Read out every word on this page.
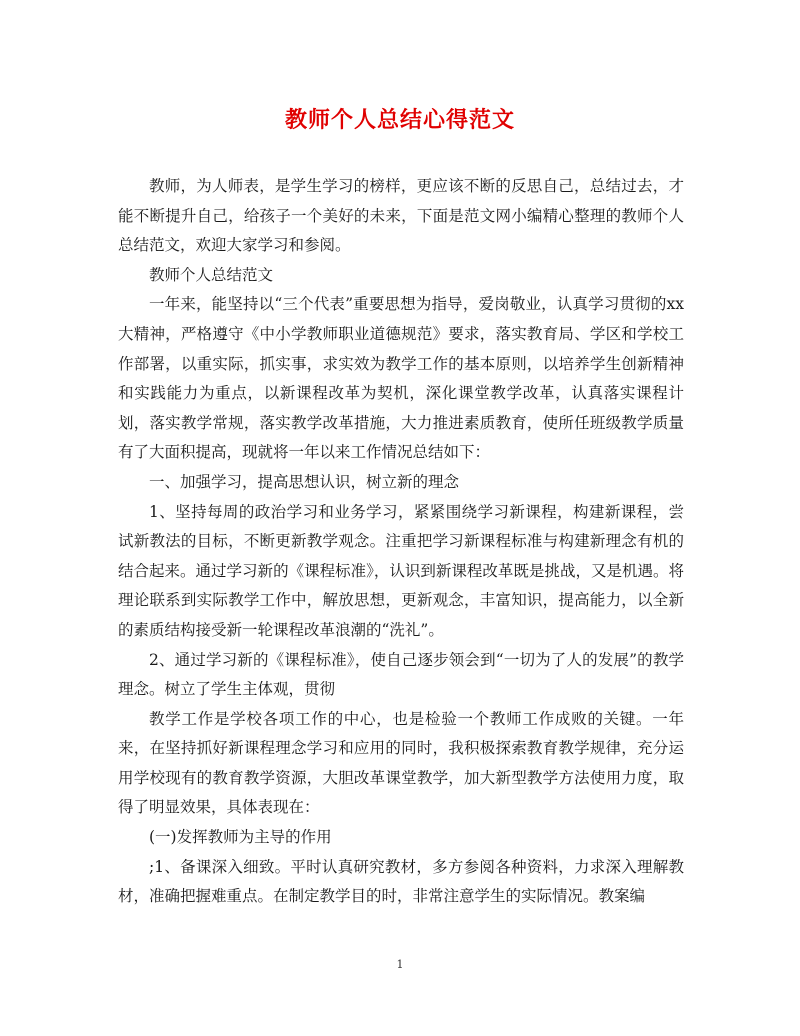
教师个人总结心得范文

教师，为人师表，是学生学习的榜样，更应该不断的反思自己，总结过去，才能不断提升自己，给孩子一个美好的未来，下面是范文网小编精心整理的教师个人总结范文，欢迎大家学习和参阅。

教师个人总结范文

一年来，能坚持以“三个代表”重要思想为指导，爱岗敬业，认真学习贯彻的xx大精神，严格遵守《中小学教师职业道德规范》要求，落实教育局、学区和学校工作部署，以重实际，抓实事，求实效为教学工作的基本原则，以培养学生创新精神和实践能力为重点，以新课程改革为契机，深化课堂教学改革，认真落实课程计划，落实教学常规，落实教学改革措施，大力推进素质教育，使所任班级教学质量有了大面积提高，现就将一年以来工作情况总结如下：

一、加强学习，提高思想认识，树立新的理念

1、坚持每周的政治学习和业务学习，紧紧围绕学习新课程，构建新课程，尝试新教法的目标，不断更新教学观念。注重把学习新课程标准与构建新理念有机的结合起来。通过学习新的《课程标准》，认识到新课程改革既是挑战，又是机遇。将理论联系到实际教学工作中，解放思想，更新观念，丰富知识，提高能力，以全新的素质结构接受新一轮课程改革浪潮的“洗礼”。

2、通过学习新的《课程标准》，使自己逐步领会到“一切为了人的发展”的教学理念。树立了学生主体观，贯彻

教学工作是学校各项工作的中心，也是检验一个教师工作成败的关键。一年来，在坚持抓好新课程理念学习和应用的同时，我积极探索教育教学规律，充分运用学校现有的教育教学资源，大胆改革课堂教学，加大新型教学方法使用力度，取得了明显效果，具体表现在：

(一)发挥教师为主导的作用

;1、备课深入细致。平时认真研究教材，多方参阅各种资料，力求深入理解教材，准确把握难重点。在制定教学目的时，非常注意学生的实际情况。教案编

1
